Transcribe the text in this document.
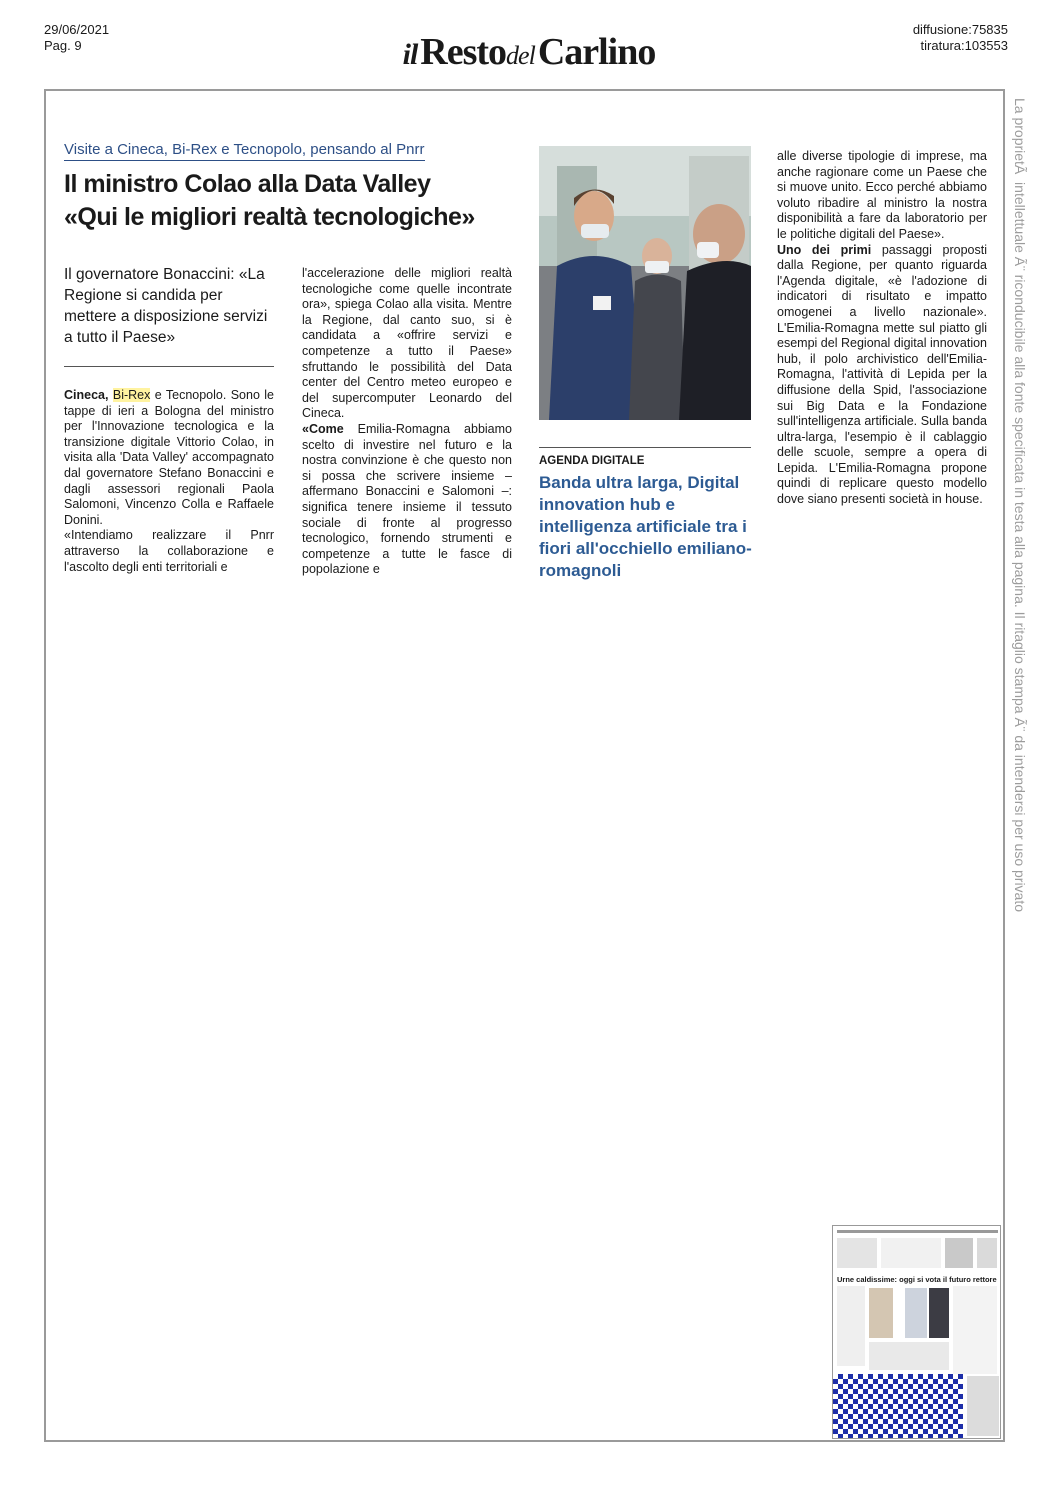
29/06/2021
Pag. 9	il Restodel Carlino
diffusione:75835
tiratura:103553
La proprietÃ  intellettuale Ã¨ riconducibile alla fonte specificata in testa alla pagina. Il ritaglio stampa Ã¨ da intendersi per uso privato
Visite a Cineca, Bi-Rex e Tecnopolo, pensando al Pnrr
Il ministro Colao alla Data Valley
«Qui le migliori realtà tecnologiche»
Il governatore Bonaccini: «La Regione si candida per mettere a disposizione servizi a tutto il Paese»

Cineca, Bi-Rex e Tecnopolo. Sono le tappe di ieri a Bologna del ministro per l'Innovazione tecnologica e la transizione digitale Vittorio Colao, in visita alla 'Data Valley' accompagnato dal governatore Stefano Bonaccini e dagli assessori regionali Paola Salomoni, Vincenzo Colla e Raffaele Donini.

«Intendiamo realizzare il Pnrr attraverso la collaborazione e l'ascolto degli enti territoriali e

l'accelerazione delle migliori realtà tecnologiche come quelle incontrate ora», spiega Colao alla visita. Mentre la Regione, dal canto suo, si è candidata a «offrire servizi e competenze a tutto il Paese» sfruttando le possibilità del Data center del Centro meteo europeo e del supercomputer Leonardo del Cineca.

«Come Emilia-Romagna abbiamo scelto di investire nel futuro e la nostra convinzione è che questo non si possa che scrivere insieme – affermano Bonaccini e Salomoni –: significa tenere insieme il tessuto sociale di fronte al progresso tecnologico, fornendo strumenti e competenze a tutte le fasce di popolazione e

AGENDA DIGITALE
Banda ultra larga, Digital innovation hub e intelligenza artificiale tra i fiori all'occhiello emiliano-romagnoli

alle diverse tipologie di imprese, ma anche ragionare come un Paese che si muove unito. Ecco perché abbiamo voluto ribadire al ministro la nostra disponibilità a fare da laboratorio per le politiche digitali del Paese».

Uno dei primi passaggi proposti dalla Regione, per quanto riguarda l'Agenda digitale, «è l'adozione di indicatori di risultato e impatto omogenei a livello nazionale». L'Emilia-Romagna mette sul piatto gli esempi del Regional digital innovation hub, il polo archivistico dell'Emilia-Romagna, l'attività di Lepida per la diffusione della Spid, l'associazione sui Big Data e la Fondazione sull'intelligenza artificiale. Sulla banda ultra-larga, l'esempio è il cablaggio delle scuole, sempre a opera di Lepida. L'Emilia-Romagna propone quindi di replicare questo modello dove siano presenti società in house.

Urne caldissime: oggi si vota il futuro rettore
